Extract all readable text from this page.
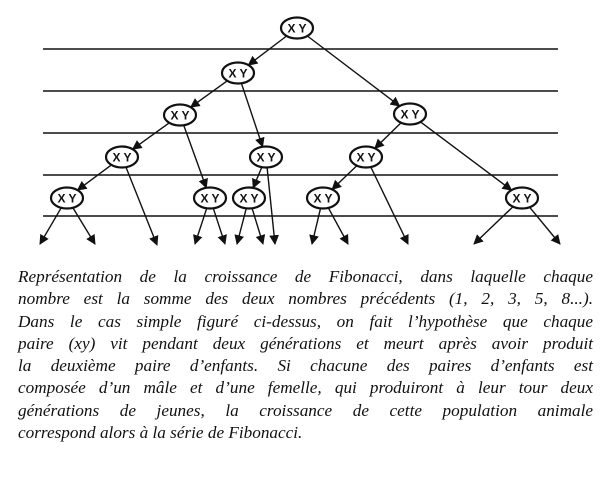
X Y
X Y
X Y
X Y
X Y	X Y	X Y
X Y	X Y X Y	X Y	X Y

Représentation de la croissance de Fibonacci, dans laquelle chaque
nombre est la somme des deux nombres précédents (1, 2, 3, 5, 8...).
Dans le cas simple figuré ci-dessus, on fait l’hypothèse que chaque
paire (xy) vit pendant deux générations et meurt après avoir produit
la deuxième paire d’enfants. Si chacune des paires d’enfants est
composée d’un mâle et d’une femelle, qui produiront à leur tour deux
générations de jeunes, la croissance de cette population animale
correspond alors à la série de Fibonacci.
